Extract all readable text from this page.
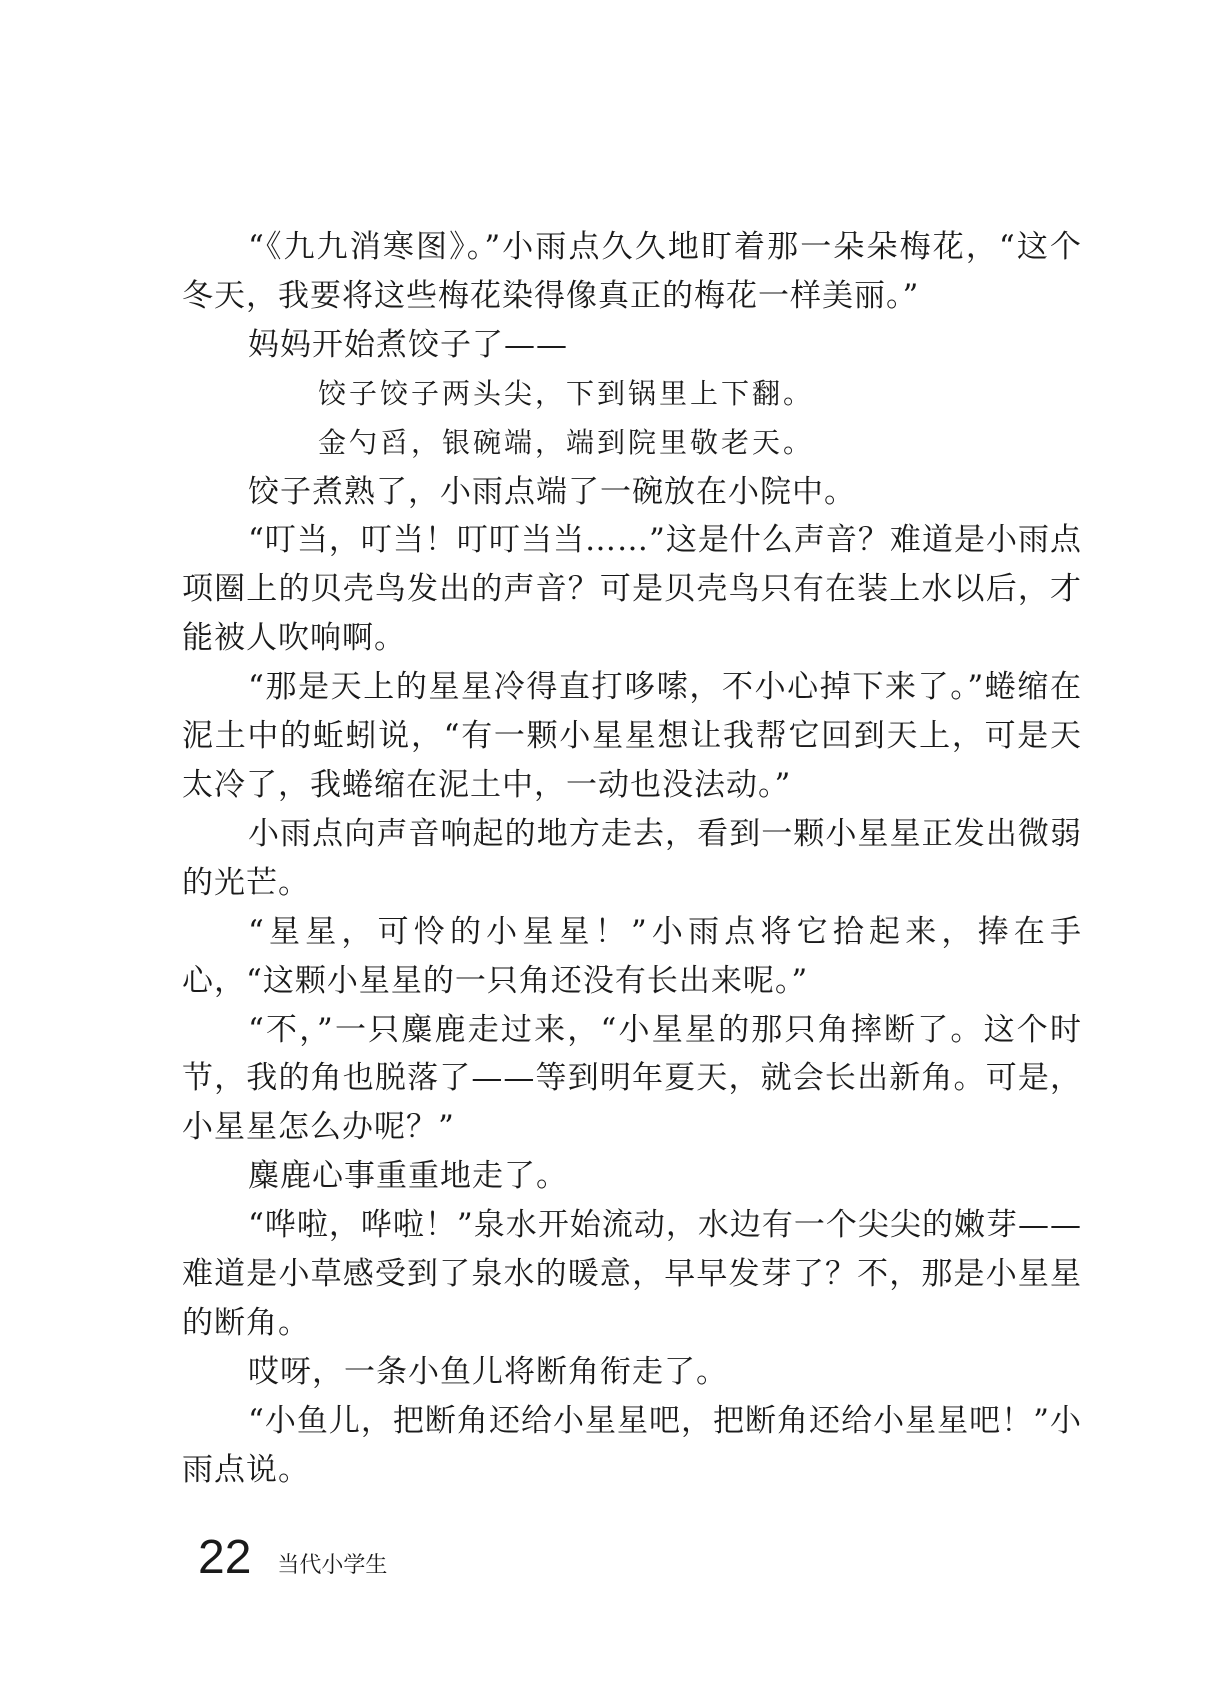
“《九九消寒图》。”小雨点久久地盯着那一朵朵梅花，“这个冬天，我要将这些梅花染得像真正的梅花一样美丽。”

妈妈开始煮饺子了——

饺子饺子两头尖，下到锅里上下翻。

金勺舀，银碗端，端到院里敬老天。

饺子煮熟了，小雨点端了一碗放在小院中。

“叮当，叮当！叮叮当当……”这是什么声音？难道是小雨点项圈上的贝壳鸟发出的声音？可是贝壳鸟只有在装上水以后，才能被人吹响啊。

“那是天上的星星冷得直打哆嗦，不小心掉下来了。”蜷缩在泥土中的蚯蚓说，“有一颗小星星想让我帮它回到天上，可是天太冷了，我蜷缩在泥土中，一动也没法动。”

小雨点向声音响起的地方走去，看到一颗小星星正发出微弱的光芒。

“星星，可怜的小星星！”小雨点将它拾起来，捧在手心，“这颗小星星的一只角还没有长出来呢。”

“不，”一只麋鹿走过来，“小星星的那只角摔断了。这个时节，我的角也脱落了——等到明年夏天，就会长出新角。可是，小星星怎么办呢？”

麋鹿心事重重地走了。

“哗啦，哗啦！”泉水开始流动，水边有一个尖尖的嫩芽——难道是小草感受到了泉水的暖意，早早发芽了？不，那是小星星的断角。

哎呀，一条小鱼儿将断角衔走了。

“小鱼儿，把断角还给小星星吧，把断角还给小星星吧！”小雨点说。

22 当代小学生
